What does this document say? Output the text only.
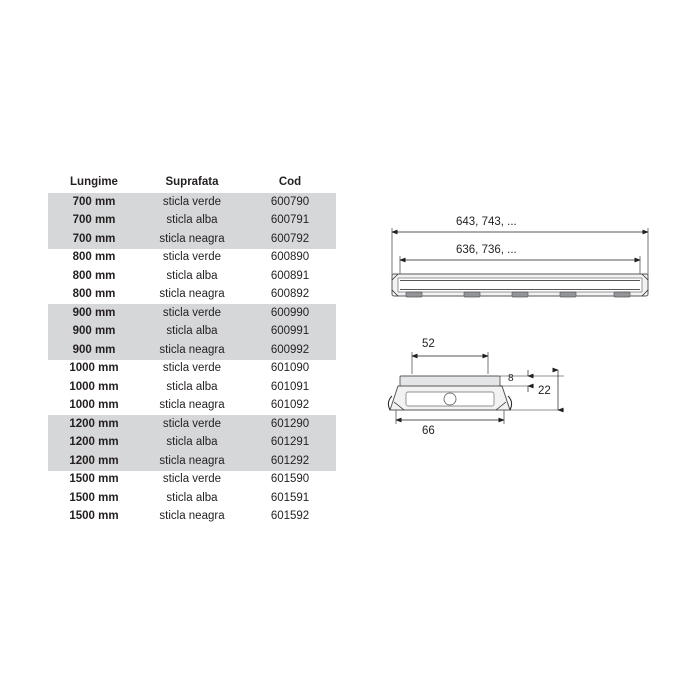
Lungime	Suprafata	Cod
700 mm	sticla verde	600790
700 mm	sticla alba	600791
700 mm	sticla neagra	600792
800 mm	sticla verde	600890
800 mm	sticla alba	600891
800 mm	sticla neagra	600892
900 mm	sticla verde	600990
900 mm	sticla alba	600991
900 mm	sticla neagra	600992
1000 mm	sticla verde	601090
1000 mm	sticla alba	601091
1000 mm	sticla neagra	601092
1200 mm	sticla verde	601290
1200 mm	sticla alba	601291
1200 mm	sticla neagra	601292
1500 mm	sticla verde	601590
1500 mm	sticla alba	601591
1500 mm	sticla neagra	601592
643, 743, ...
636, 736, ...
52
66
8
22
